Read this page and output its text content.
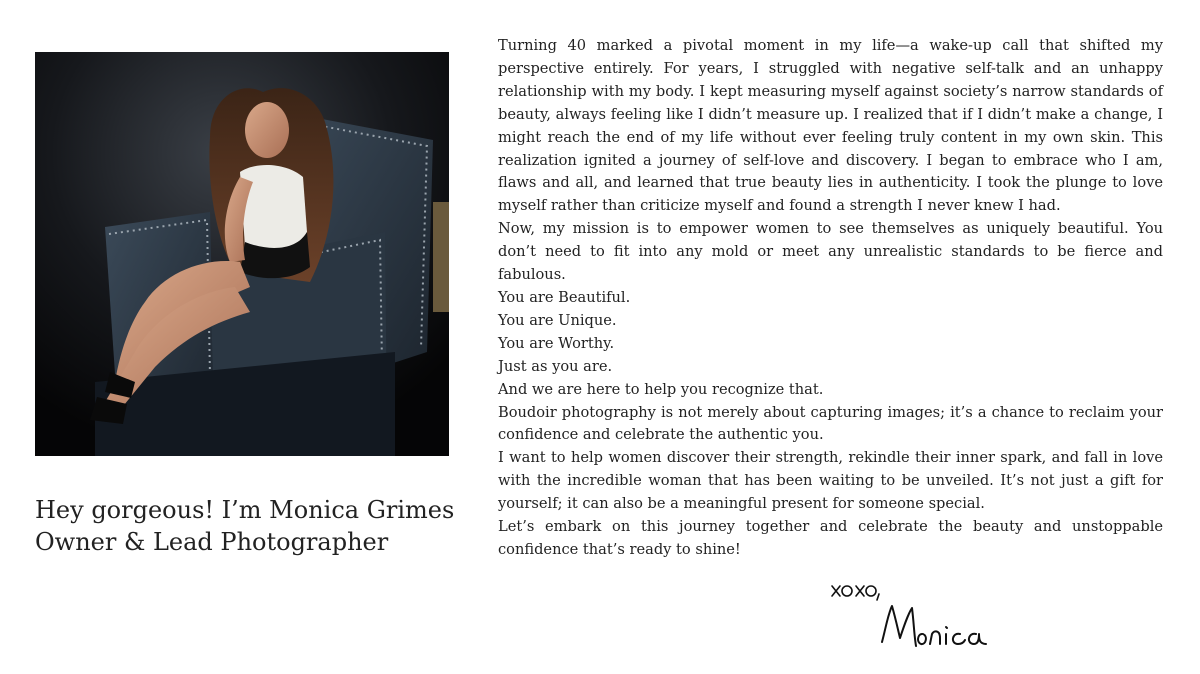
Hey gorgeous! I’m Monica Grimes
Owner & Lead Photographer

Turning 40 marked a pivotal moment in my life—a wake-up call that shifted my perspective entirely. For years, I struggled with negative self-talk and an unhappy relationship with my body. I kept measuring myself against society’s narrow standards of beauty, always feeling like I didn’t measure up. I realized that if I didn’t make a change, I might reach the end of my life without ever feeling truly content in my own skin. This realization ignited a journey of self-love and discovery. I began to embrace who I am, flaws and all, and learned that true beauty lies in authenticity. I took the plunge to love myself rather than criticize myself and found a strength I never knew I had.

Now, my mission is to empower women to see themselves as uniquely beautiful. You don’t need to fit into any mold or meet any unrealistic standards to be fierce and fabulous.

You are Beautiful.

You are Unique.

You are Worthy.

Just as you are.

And we are here to help you recognize that.

Boudoir photography is not merely about capturing images; it’s a chance to reclaim your confidence and celebrate the authentic you.

I want to help women discover their strength, rekindle their inner spark, and fall in love with the incredible woman that has been waiting to be unveiled. It’s not just a gift for yourself; it can also be a meaningful present for someone special.

Let’s embark on this journey together and celebrate the beauty and unstoppable confidence that’s ready to shine!
